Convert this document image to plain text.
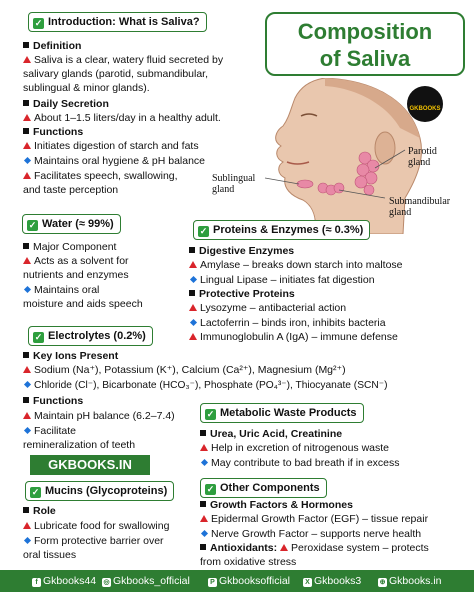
Composition
of Saliva
GKBOOKS
Parotid
gland
Sublingual
gland
Submandibular
gland
✓ Introduction: What is Saliva?
Definition
Saliva is a clear, watery fluid secreted by
salivary glands (parotid, submandibular,
sublingual & minor glands).
Daily Secretion
About 1–1.5 liters/day in a healthy adult.
Functions
Initiates digestion of starch and fats
Maintains oral hygiene & pH balance
Facilitates speech, swallowing,
and taste perception
✓ Water (≈ 99%)
Major Component
Acts as a solvent for
nutrients and enzymes
Maintains oral
moisture and aids speech
✓ Proteins & Enzymes (≈ 0.3%)
Digestive Enzymes
Amylase – breaks down starch into maltose
Lingual Lipase – initiates fat digestion
Protective Proteins
Lysozyme – antibacterial action
Lactoferrin – binds iron, inhibits bacteria
Immunoglobulin A (IgA) – immune defense
✓ Electrolytes (0.2%)
Key Ions Present
Sodium (Na⁺), Potassium (K⁺), Calcium (Ca²⁺), Magnesium (Mg²⁺)
Chloride (Cl⁻), Bicarbonate (HCO₃⁻), Phosphate (PO₄³⁻), Thiocyanate (SCN⁻)
Functions
Maintain pH balance (6.2–7.4)
Facilitate
remineralization of teeth
GKBOOKS.IN
✓ Metabolic Waste Products
Urea, Uric Acid, Creatinine
Help in excretion of nitrogenous waste
May contribute to bad breath if in excess
✓ Mucins (Glycoproteins)
Role
Lubricate food for swallowing
Form protective barrier over
oral tissues
✓ Other Components
Growth Factors & Hormones
Epidermal Growth Factor (EGF) – tissue repair
Nerve Growth Factor – supports nerve health
Antioxidants: Peroxidase system – protects
from oxidative stress
f Gkbooks44 ◎ Gkbooks_official	P Gkbooksofficial	X Gkbooks3	⊕ Gkbooks.in
